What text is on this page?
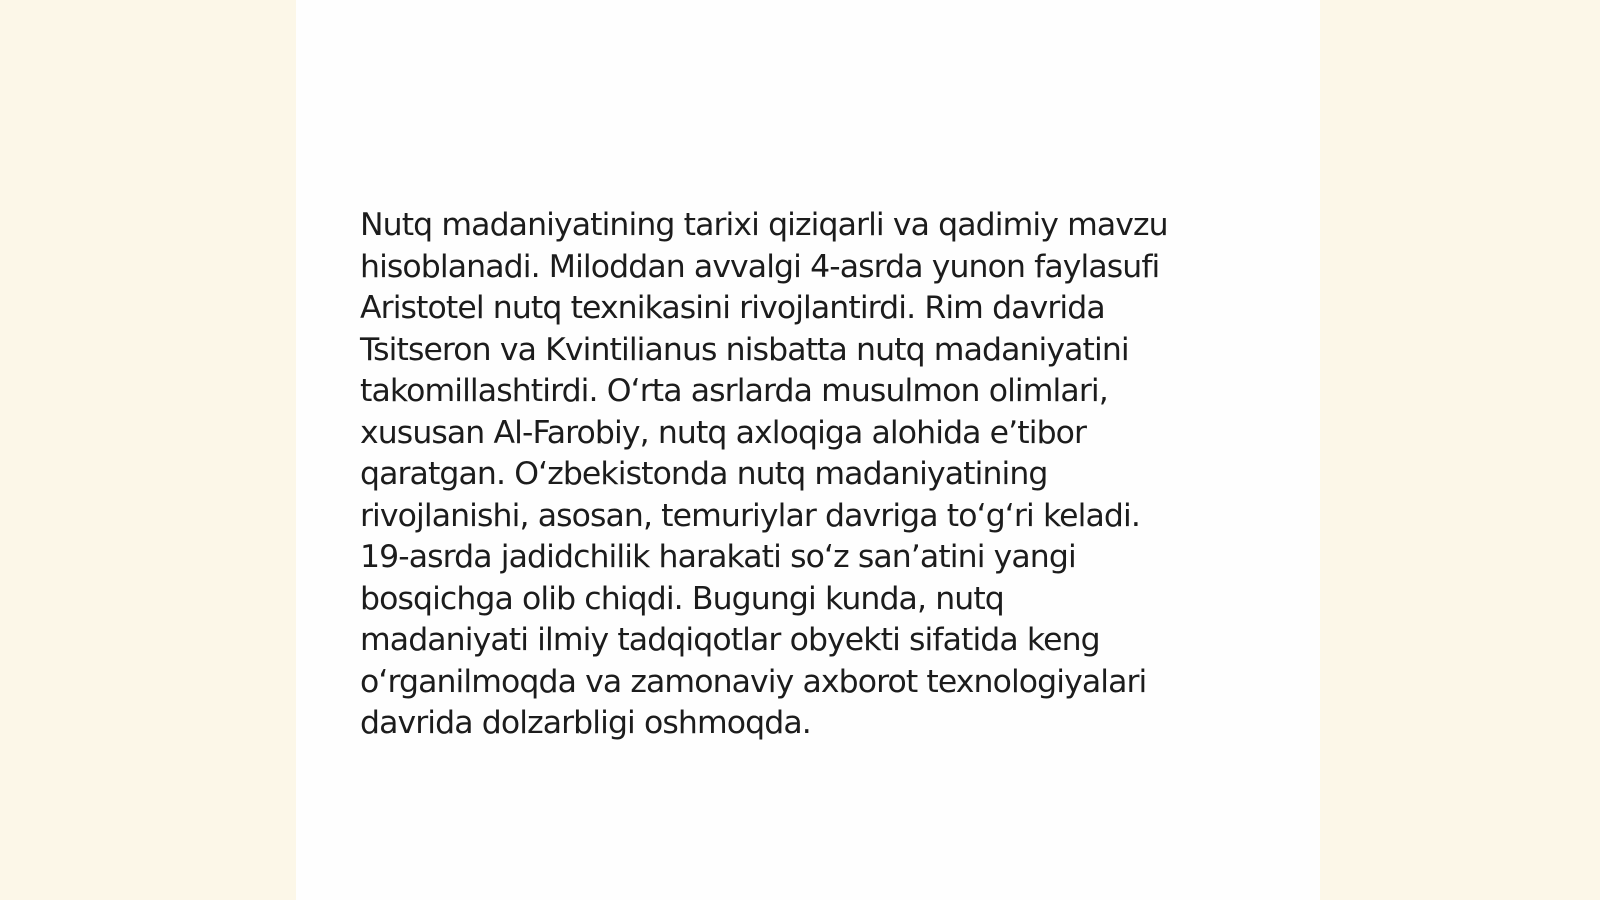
Nutq madaniyatining tarixi qiziqarli va qadimiy mavzu
hisoblanadi. Miloddan avvalgi 4-asrda yunon faylasufi
Aristotel nutq texnikasini rivojlantirdi. Rim davrida
Tsitseron va Kvintilianus nisbatta nutq madaniyatini
takomillashtirdi. O‘rta asrlarda musulmon olimlari,
xususan Al-Farobiy, nutq axloqiga alohida e’tibor
qaratgan. O‘zbekistonda nutq madaniyatining
rivojlanishi, asosan, temuriylar davriga to‘g‘ri keladi.
19-asrda jadidchilik harakati so‘z san’atini yangi
bosqichga olib chiqdi. Bugungi kunda, nutq
madaniyati ilmiy tadqiqotlar obyekti sifatida keng
o‘rganilmoqda va zamonaviy axborot texnologiyalari
davrida dolzarbligi oshmoqda.
